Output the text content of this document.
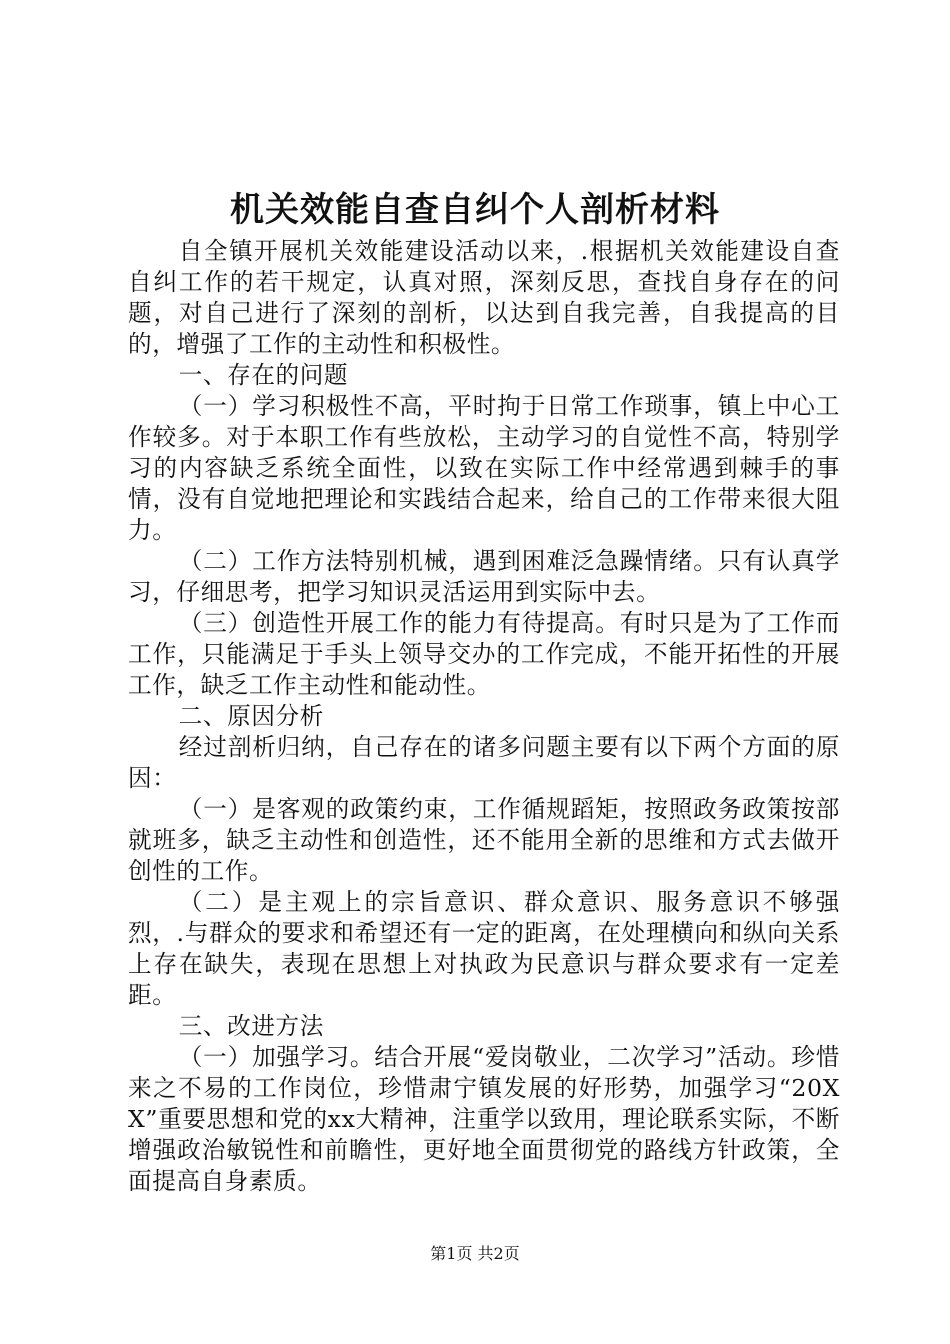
机关效能自查自纠个人剖析材料

自全镇开展机关效能建设活动以来，.根据机关效能建设自查自纠工作的若干规定，认真对照，深刻反思，查找自身存在的问题，对自己进行了深刻的剖析，以达到自我完善，自我提高的目的，增强了工作的主动性和积极性。

一、存在的问题

（一）学习积极性不高，平时拘于日常工作琐事，镇上中心工作较多。对于本职工作有些放松，主动学习的自觉性不高，特别学习的内容缺乏系统全面性，以致在实际工作中经常遇到棘手的事情，没有自觉地把理论和实践结合起来，给自己的工作带来很大阻力。

（二）工作方法特别机械，遇到困难泛急躁情绪。只有认真学习，仔细思考，把学习知识灵活运用到实际中去。

（三）创造性开展工作的能力有待提高。有时只是为了工作而工作，只能满足于手头上领导交办的工作完成，不能开拓性的开展工作，缺乏工作主动性和能动性。

二、原因分析

经过剖析归纳，自己存在的诸多问题主要有以下两个方面的原因：

（一）是客观的政策约束，工作循规蹈矩，按照政务政策按部就班多，缺乏主动性和创造性，还不能用全新的思维和方式去做开创性的工作。

（二）是主观上的宗旨意识、群众意识、服务意识不够强烈，.与群众的要求和希望还有一定的距离，在处理横向和纵向关系上存在缺失，表现在思想上对执政为民意识与群众要求有一定差距。

三、改进方法

（一）加强学习。结合开展“爱岗敬业，二次学习”活动。珍惜来之不易的工作岗位，珍惜肃宁镇发展的好形势，加强学习“20XX”重要思想和党的xx大精神，注重学以致用，理论联系实际，不断增强政治敏锐性和前瞻性，更好地全面贯彻党的路线方针政策，全面提高自身素质。

第1页 共2页
